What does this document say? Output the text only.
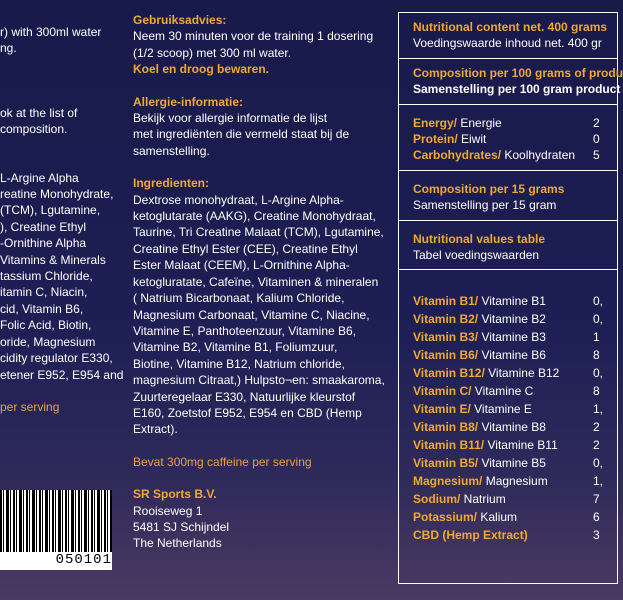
r) with 300ml water
ng.
ok at the list of
composition.
L-Argine Alpha
reatine Monohydrate,
(TCM), Lgutamine,
), Creatine Ethyl
-Ornithine Alpha
Vitamins & Minerals
tassium Chloride,
itamin C, Niacin,
cid, Vitamin B6,
Folic Acid, Biotin,
oride, Magnesium
cidity regulator E330,
etener E952, E954 and
per serving
050101
Gebruiksadvies:
Neem 30 minuten voor de training 1 dosering
(1/2 scoop) met 300 ml water.
Koel en droog bewaren.
Allergie-informatie:
Bekijk voor allergie informatie de lijst
met ingrediënten die vermeld staat bij de
samenstelling.
Ingredienten:
Dextrose monohydraat, L-Argine Alpha-
ketoglutarate (AAKG), Creatine Monohydraat,
Taurine, Tri Creatine Malaat (TCM), Lgutamine,
Creatine Ethyl Ester (CEE), Creatine Ethyl
Ester Malaat (CEEM), L-Ornithine Alpha-
ketogluratate, Cafeïne, Vitaminen & mineralen
( Natrium Bicarbonaat, Kalium Chloride,
Magnesium Carbonaat, Vitamine C, Niacine,
Vitamine E, Panthoteenzuur, Vitamine B6,
Vitamine B2, Vitamine B1, Foliumzuur,
Biotine, Vitamine B12, Natrium chloride,
magnesium Citraat,) Hulpsto¬en: smaakaroma,
Zuurteregelaar E330, Natuurlijke kleurstof
E160, Zoetstof E952, E954 en CBD (Hemp
Extract).
Bevat 300mg caffeine per serving
SR Sports B.V.
Rooiseweg 1
5481 SJ Schijndel
The Netherlands
Nutritional content net. 400 grams
Voedingswaarde inhoud net. 400 gr
Composition per 100 grams of produ
Samenstelling per 100 gram product
Energy/ Energie	2
Protein/ Eiwit	0
Carbohydrates/ Koolhydraten 5
Composition per 15 grams
Samenstelling per 15 gram
Nutritional values table
Tabel voedingswaarden
Vitamin B1/ Vitamine B1	0,
Vitamin B2/ Vitamine B2	0,
Vitamin B3/ Vitamine B3	1
Vitamin B6/ Vitamine B6	8
Vitamin B12/ Vitamine B12	0,
Vitamin C/ Vitamine C	8
Vitamin E/ Vitamine E	1,
Vitamin B8/ Vitamine B8	2
Vitamin B11/ Vitamine B11	2
Vitamin B5/ Vitamine B5	0,
Magnesium/ Magnesium	1,
Sodium/ Natrium	7
Potassium/ Kalium	6
CBD (Hemp Extract)	3
